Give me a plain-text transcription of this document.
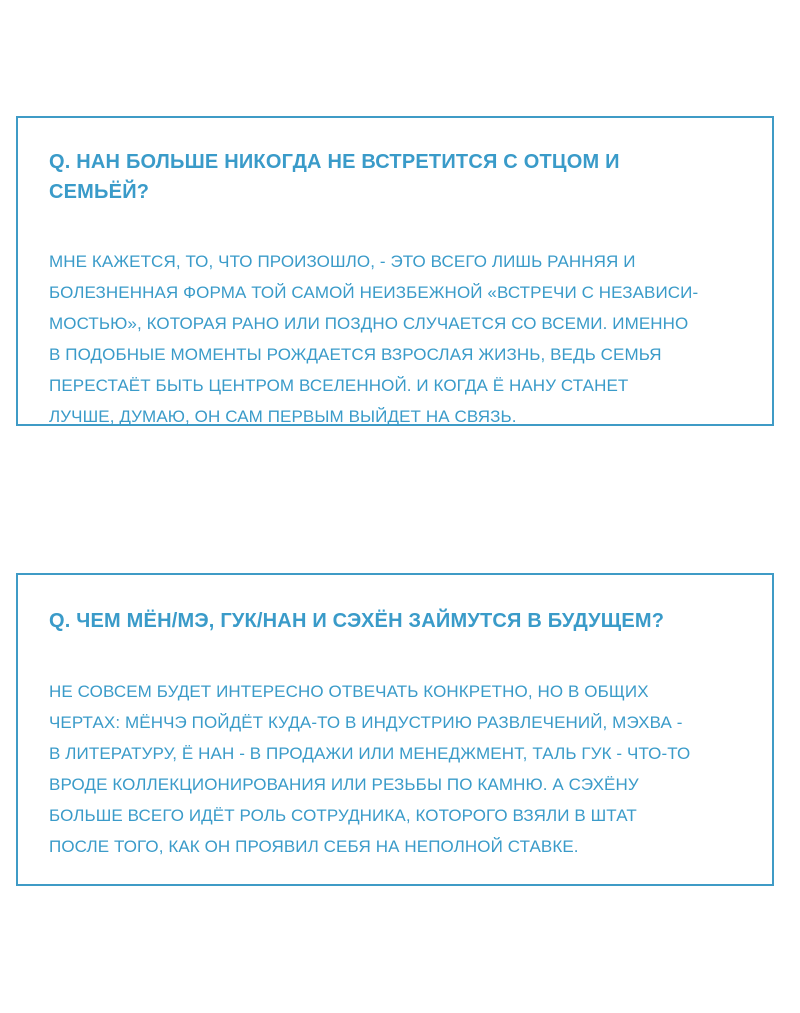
Q. НАН БОЛЬШЕ НИКОГДА НЕ ВСТРЕТИТСЯ С ОТЦОМ И
СЕМЬЁЙ?
МНЕ КАЖЕТСЯ, ТО, ЧТО ПРОИЗОШЛО, - ЭТО ВСЕГО ЛИШЬ РАННЯЯ И
БОЛЕЗНЕННАЯ ФОРМА ТОЙ САМОЙ НЕИЗБЕЖНОЙ «ВСТРЕЧИ С НЕЗАВИСИ-
МОСТЬЮ», КОТОРАЯ РАНО ИЛИ ПОЗДНО СЛУЧАЕТСЯ СО ВСЕМИ. ИМЕННО
В ПОДОБНЫЕ МОМЕНТЫ РОЖДАЕТСЯ ВЗРОСЛАЯ ЖИЗНЬ, ВЕДЬ СЕМЬЯ
ПЕРЕСТАЁТ БЫТЬ ЦЕНТРОМ ВСЕЛЕННОЙ. И КОГДА Ё НАНУ СТАНЕТ
ЛУЧШЕ, ДУМАЮ, ОН САМ ПЕРВЫМ ВЫЙДЕТ НА СВЯЗЬ.
Q. ЧЕМ МЁН/МЭ, ГУК/НАН И СЭХЁН ЗАЙМУТСЯ В БУДУЩЕМ?
НЕ СОВСЕМ БУДЕТ ИНТЕРЕСНО ОТВЕЧАТЬ КОНКРЕТНО, НО В ОБЩИХ
ЧЕРТАХ: МЁНЧЭ ПОЙДЁТ КУДА-ТО В ИНДУСТРИЮ РАЗВЛЕЧЕНИЙ, МЭХВА -
В ЛИТЕРАТУРУ, Ё НАН - В ПРОДАЖИ ИЛИ МЕНЕДЖМЕНТ, ТАЛЬ ГУК - ЧТО-ТО
ВРОДЕ КОЛЛЕКЦИОНИРОВАНИЯ ИЛИ РЕЗЬБЫ ПО КАМНЮ. А СЭХЁНУ
БОЛЬШЕ ВСЕГО ИДЁТ РОЛЬ СОТРУДНИКА, КОТОРОГО ВЗЯЛИ В ШТАТ
ПОСЛЕ ТОГО, КАК ОН ПРОЯВИЛ СЕБЯ НА НЕПОЛНОЙ СТАВКЕ.
